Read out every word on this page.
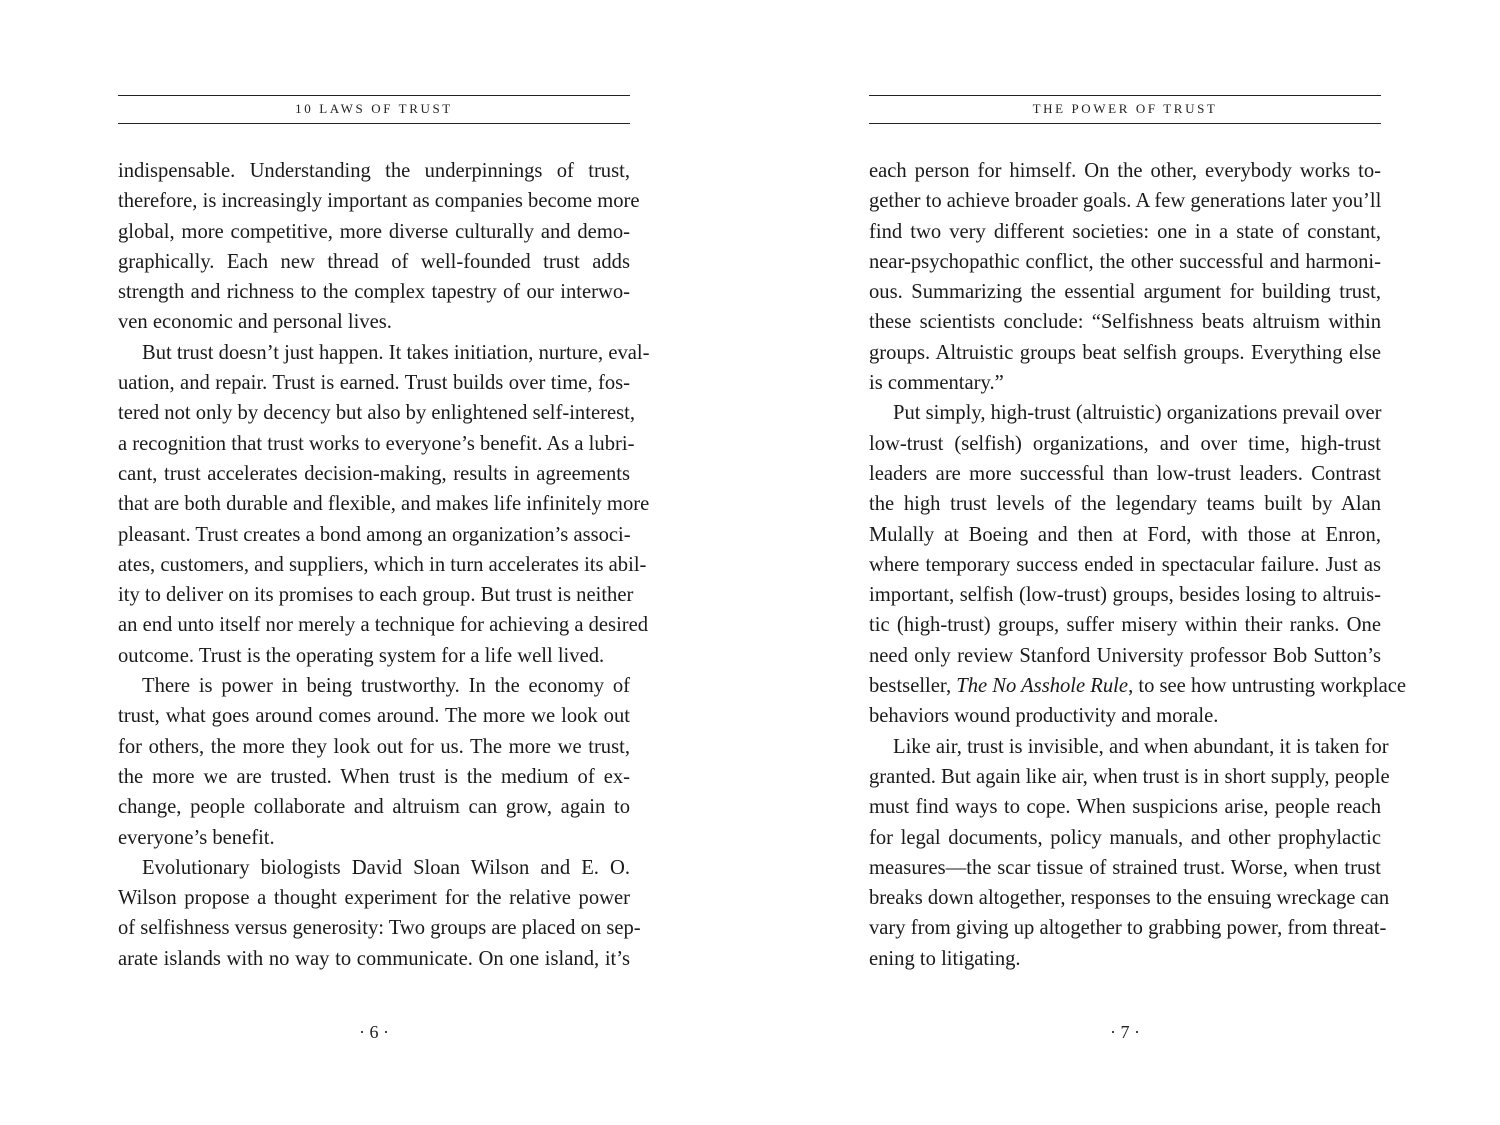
10 LAWS OF TRUST
indispensable. Understanding the underpinnings of trust,
therefore, is increasingly important as companies become more
global, more competitive, more diverse culturally and demo-
graphically. Each new thread of well-founded trust adds
strength and richness to the complex tapestry of our interwo-
ven economic and personal lives.
But trust doesn’t just happen. It takes initiation, nurture, eval-
uation, and repair. Trust is earned. Trust builds over time, fos-
tered not only by decency but also by enlightened self-interest,
a recognition that trust works to everyone’s benefit. As a lubri-
cant, trust accelerates decision-making, results in agreements
that are both durable and flexible, and makes life infinitely more
pleasant. Trust creates a bond among an organization’s associ-
ates, customers, and suppliers, which in turn accelerates its abil-
ity to deliver on its promises to each group. But trust is neither
an end unto itself nor merely a technique for achieving a desired
outcome. Trust is the operating system for a life well lived.
There is power in being trustworthy. In the economy of
trust, what goes around comes around. The more we look out
for others, the more they look out for us. The more we trust,
the more we are trusted. When trust is the medium of ex-
change, people collaborate and altruism can grow, again to
everyone’s benefit.
Evolutionary biologists David Sloan Wilson and E. O.
Wilson propose a thought experiment for the relative power
of selfishness versus generosity: Two groups are placed on sep-
arate islands with no way to communicate. On one island, it’s
· 6 ·
THE POWER OF TRUST
each person for himself. On the other, everybody works to-
gether to achieve broader goals. A few generations later you’ll
find two very different societies: one in a state of constant,
near-psychopathic conflict, the other successful and harmoni-
ous. Summarizing the essential argument for building trust,
these scientists conclude: “Selfishness beats altruism within
groups. Altruistic groups beat selfish groups. Everything else
is commentary.”
Put simply, high-trust (altruistic) organizations prevail over
low-trust (selfish) organizations, and over time, high-trust
leaders are more successful than low-trust leaders. Contrast
the high trust levels of the legendary teams built by Alan
Mulally at Boeing and then at Ford, with those at Enron,
where temporary success ended in spectacular failure. Just as
important, selfish (low-trust) groups, besides losing to altruis-
tic (high-trust) groups, suffer misery within their ranks. One
need only review Stanford University professor Bob Sutton’s
bestseller, The No Asshole Rule, to see how untrusting workplace
behaviors wound productivity and morale.
Like air, trust is invisible, and when abundant, it is taken for
granted. But again like air, when trust is in short supply, people
must find ways to cope. When suspicions arise, people reach
for legal documents, policy manuals, and other prophylactic
measures—the scar tissue of strained trust. Worse, when trust
breaks down altogether, responses to the ensuing wreckage can
vary from giving up altogether to grabbing power, from threat-
ening to litigating.
· 7 ·
